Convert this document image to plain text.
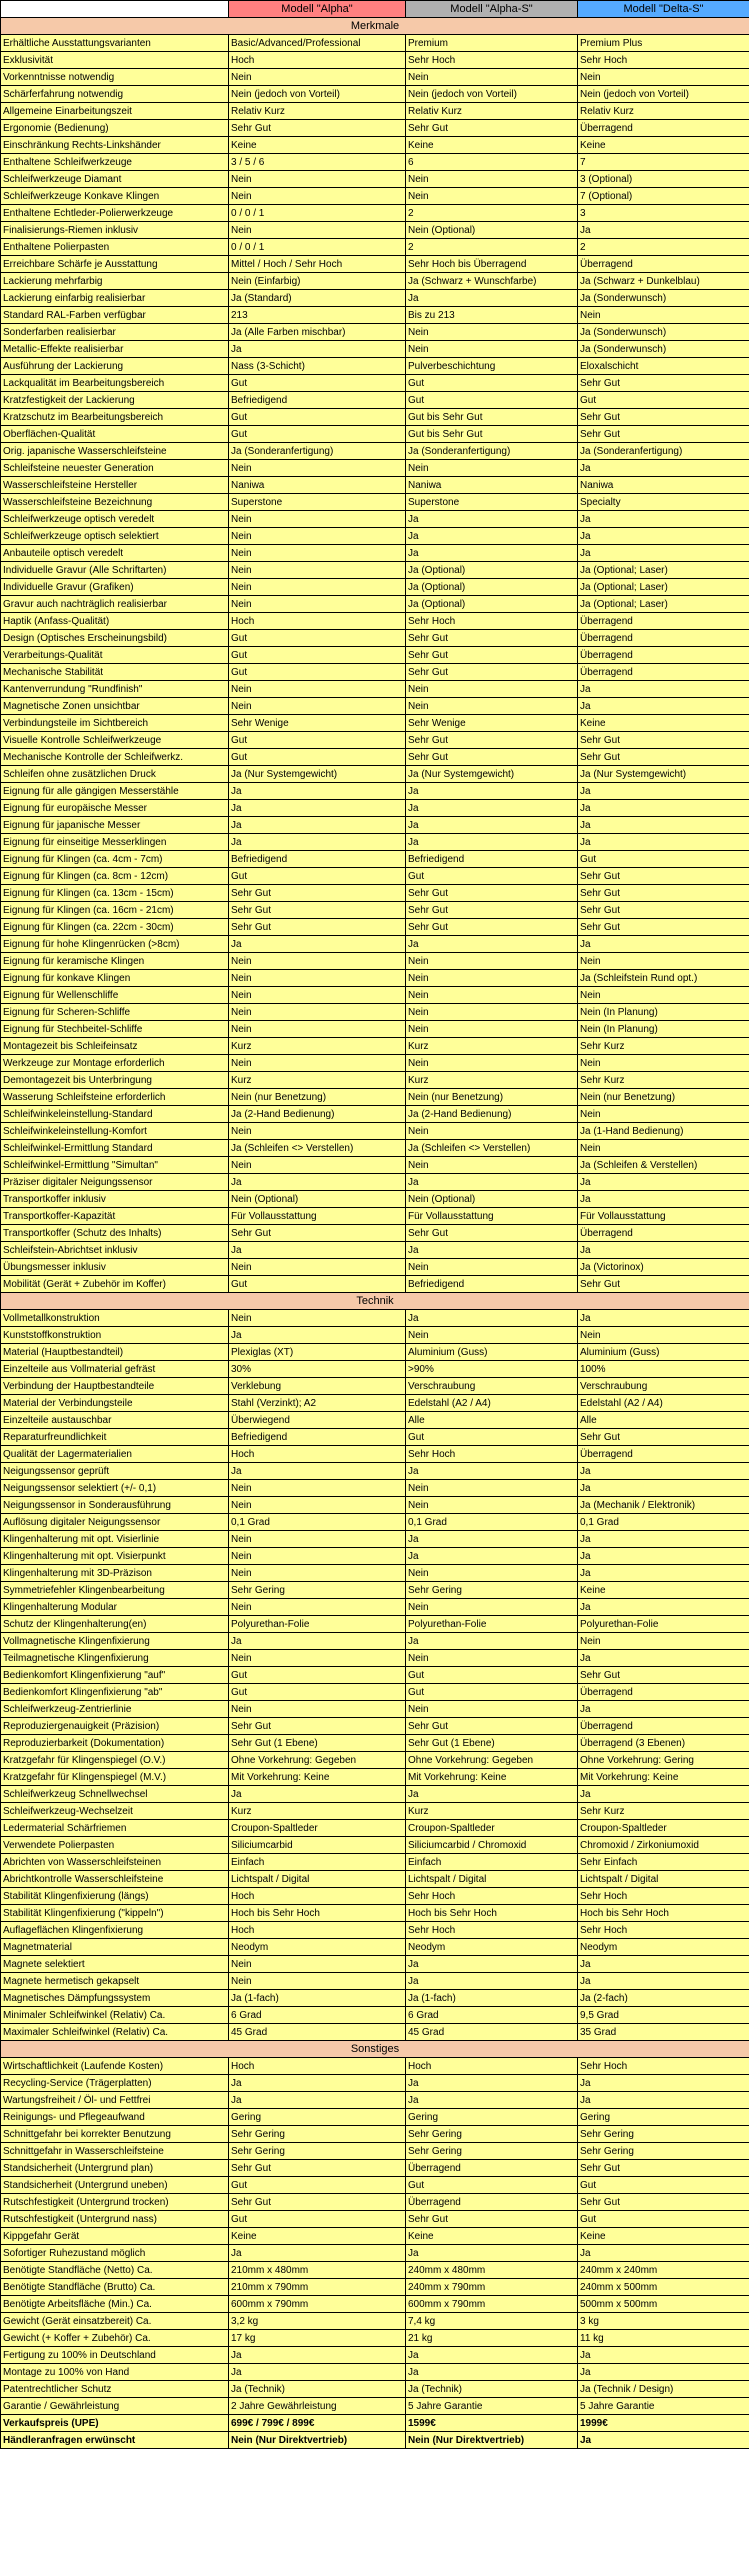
	Modell "Alpha"	Modell "Alpha-S"	Modell "Delta-S"
Merkmale			
Erhältliche Ausstattungsvarianten	Basic/Advanced/Professional	Premium	Premium Plus
Exklusivität	Hoch	Sehr Hoch	Sehr Hoch
Vorkenntnisse notwendig	Nein	Nein	Nein
Schärferfahrung notwendig	Nein (jedoch von Vorteil)	Nein (jedoch von Vorteil)	Nein (jedoch von Vorteil)
Allgemeine Einarbeitungszeit	Relativ Kurz	Relativ Kurz	Relativ Kurz
Ergonomie (Bedienung)	Sehr Gut	Sehr Gut	Überragend
Einschränkung Rechts-Linkshänder	Keine	Keine	Keine
Enthaltene Schleifwerkzeuge	3 / 5 / 6	6	7
Schleifwerkzeuge Diamant	Nein	Nein	3 (Optional)
Schleifwerkzeuge Konkave Klingen	Nein	Nein	7 (Optional)
Enthaltene Echtleder-Polierwerkzeuge	0 / 0 / 1	2	3
Finalisierungs-Riemen inklusiv	Nein	Nein (Optional)	Ja
Enthaltene Polierpasten	0 / 0 / 1	2	2
Erreichbare Schärfe je Ausstattung	Mittel / Hoch / Sehr Hoch	Sehr Hoch bis Überragend	Überragend
Lackierung mehrfarbig	Nein (Einfarbig)	Ja (Schwarz + Wunschfarbe)	Ja (Schwarz + Dunkelblau)
Lackierung einfarbig realisierbar	Ja (Standard)	Ja	Ja (Sonderwunsch)
Standard RAL-Farben verfügbar	213	Bis zu 213	Nein
Sonderfarben realisierbar	Ja (Alle Farben mischbar)	Nein	Ja (Sonderwunsch)
Metallic-Effekte realisierbar	Ja	Nein	Ja (Sonderwunsch)
Ausführung der Lackierung	Nass (3-Schicht)	Pulverbeschichtung	Eloxalschicht
Lackqualität im Bearbeitungsbereich	Gut	Gut	Sehr Gut
Kratzfestigkeit der Lackierung	Befriedigend	Gut	Gut
Kratzschutz im Bearbeitungsbereich	Gut	Gut bis Sehr Gut	Sehr Gut
Oberflächen-Qualität	Gut	Gut bis Sehr Gut	Sehr Gut
Orig. japanische Wasserschleifsteine	Ja (Sonderanfertigung)	Ja (Sonderanfertigung)	Ja (Sonderanfertigung)
Schleifsteine neuester Generation	Nein	Nein	Ja
Wasserschleifsteine Hersteller	Naniwa	Naniwa	Naniwa
Wasserschleifsteine Bezeichnung	Superstone	Superstone	Specialty
Schleifwerkzeuge optisch veredelt	Nein	Ja	Ja
Schleifwerkzeuge optisch selektiert	Nein	Ja	Ja
Anbauteile optisch veredelt	Nein	Ja	Ja
Individuelle Gravur (Alle Schriftarten)	Nein	Ja (Optional)	Ja (Optional; Laser)
Individuelle Gravur (Grafiken)	Nein	Ja (Optional)	Ja (Optional; Laser)
Gravur auch nachträglich realisierbar	Nein	Ja (Optional)	Ja (Optional; Laser)
Haptik (Anfass-Qualität)	Hoch	Sehr Hoch	Überragend
Design (Optisches Erscheinungsbild)	Gut	Sehr Gut	Überragend
Verarbeitungs-Qualität	Gut	Sehr Gut	Überragend
Mechanische Stabilität	Gut	Sehr Gut	Überragend
Kantenverrundung "Rundfinish"	Nein	Nein	Ja
Magnetische Zonen unsichtbar	Nein	Nein	Ja
Verbindungsteile im Sichtbereich	Sehr Wenige	Sehr Wenige	Keine
Visuelle Kontrolle Schleifwerkzeuge	Gut	Sehr Gut	Sehr Gut
Mechanische Kontrolle der Schleifwerkz.	Gut	Sehr Gut	Sehr Gut
Schleifen ohne zusätzlichen Druck	Ja (Nur Systemgewicht)	Ja (Nur Systemgewicht)	Ja (Nur Systemgewicht)
Eignung für alle gängigen Messerstähle	Ja	Ja	Ja
Eignung für europäische Messer	Ja	Ja	Ja
Eignung für japanische Messer	Ja	Ja	Ja
Eignung für einseitige Messerklingen	Ja	Ja	Ja
Eignung für Klingen (ca. 4cm - 7cm)	Befriedigend	Befriedigend	Gut
Eignung für Klingen (ca. 8cm - 12cm)	Gut	Gut	Sehr Gut
Eignung für Klingen (ca. 13cm - 15cm)	Sehr Gut	Sehr Gut	Sehr Gut
Eignung für Klingen (ca. 16cm - 21cm)	Sehr Gut	Sehr Gut	Sehr Gut
Eignung für Klingen (ca. 22cm - 30cm)	Sehr Gut	Sehr Gut	Sehr Gut
Eignung für hohe Klingenrücken (>8cm)	Ja	Ja	Ja
Eignung für keramische Klingen	Nein	Nein	Nein
Eignung für konkave Klingen	Nein	Nein	Ja (Schleifstein Rund opt.)
Eignung für Wellenschliffe	Nein	Nein	Nein
Eignung für Scheren-Schliffe	Nein	Nein	Nein (In Planung)
Eignung für Stechbeitel-Schliffe	Nein	Nein	Nein (In Planung)
Montagezeit bis Schleifeinsatz	Kurz	Kurz	Sehr Kurz
Werkzeuge zur Montage erforderlich	Nein	Nein	Nein
Demontagezeit bis Unterbringung	Kurz	Kurz	Sehr Kurz
Wasserung Schleifsteine erforderlich	Nein (nur Benetzung)	Nein (nur Benetzung)	Nein (nur Benetzung)
Schleifwinkeleinstellung-Standard	Ja (2-Hand Bedienung)	Ja (2-Hand Bedienung)	Nein
Schleifwinkeleinstellung-Komfort	Nein	Nein	Ja (1-Hand Bedienung)
Schleifwinkel-Ermittlung Standard	Ja (Schleifen <> Verstellen)	Ja (Schleifen <> Verstellen)	Nein
Schleifwinkel-Ermittlung "Simultan"	Nein	Nein	Ja (Schleifen & Verstellen)
Präziser digitaler Neigungssensor	Ja	Ja	Ja
Transportkoffer inklusiv	Nein (Optional)	Nein (Optional)	Ja
Transportkoffer-Kapazität	Für Vollausstattung	Für Vollausstattung	Für Vollausstattung
Transportkoffer (Schutz des Inhalts)	Sehr Gut	Sehr Gut	Überragend
Schleifstein-Abrichtset inklusiv	Ja	Ja	Ja
Übungsmesser inklusiv	Nein	Nein	Ja (Victorinox)
Mobilität (Gerät + Zubehör im Koffer)	Gut	Befriedigend	Sehr Gut
Technik			
Vollmetallkonstruktion	Nein	Ja	Ja
Kunststoffkonstruktion	Ja	Nein	Nein
Material (Hauptbestandteil)	Plexiglas (XT)	Aluminium (Guss)	Aluminium (Guss)
Einzelteile aus Vollmaterial gefräst	30%	>90%	100%
Verbindung der Hauptbestandteile	Verklebung	Verschraubung	Verschraubung
Material der Verbindungsteile	Stahl (Verzinkt); A2	Edelstahl (A2 / A4)	Edelstahl (A2 / A4)
Einzelteile austauschbar	Überwiegend	Alle	Alle
Reparaturfreundlichkeit	Befriedigend	Gut	Sehr Gut
Qualität der Lagermaterialien	Hoch	Sehr Hoch	Überragend
Neigungssensor geprüft	Ja	Ja	Ja
Neigungssensor selektiert (+/- 0,1)	Nein	Nein	Ja
Neigungssensor in Sonderausführung	Nein	Nein	Ja (Mechanik / Elektronik)
Auflösung digitaler Neigungssensor	0,1 Grad	0,1 Grad	0,1 Grad
Klingenhalterung mit opt. Visierlinie	Nein	Ja	Ja
Klingenhalterung mit opt. Visierpunkt	Nein	Ja	Ja
Klingenhalterung mit 3D-Präzison	Nein	Nein	Ja
Symmetriefehler Klingenbearbeitung	Sehr Gering	Sehr Gering	Keine
Klingenhalterung Modular	Nein	Nein	Ja
Schutz der Klingenhalterung(en)	Polyurethan-Folie	Polyurethan-Folie	Polyurethan-Folie
Vollmagnetische Klingenfixierung	Ja	Ja	Nein
Teilmagnetische Klingenfixierung	Nein	Nein	Ja
Bedienkomfort Klingenfixierung "auf"	Gut	Gut	Sehr Gut
Bedienkomfort Klingenfixierung "ab"	Gut	Gut	Überragend
Schleifwerkzeug-Zentrierlinie	Nein	Nein	Ja
Reproduziergenauigkeit (Präzision)	Sehr Gut	Sehr Gut	Überragend
Reproduzierbarkeit (Dokumentation)	Sehr Gut (1 Ebene)	Sehr Gut (1 Ebene)	Überragend (3 Ebenen)
Kratzgefahr für Klingenspiegel (O.V.)	Ohne Vorkehrung: Gegeben	Ohne Vorkehrung: Gegeben	Ohne Vorkehrung: Gering
Kratzgefahr für Klingenspiegel (M.V.)	Mit Vorkehrung: Keine	Mit Vorkehrung: Keine	Mit Vorkehrung: Keine
Schleifwerkzeug Schnellwechsel	Ja	Ja	Ja
Schleifwerkzeug-Wechselzeit	Kurz	Kurz	Sehr Kurz
Ledermaterial Schärfriemen	Croupon-Spaltleder	Croupon-Spaltleder	Croupon-Spaltleder
Verwendete Polierpasten	Siliciumcarbid	Siliciumcarbid / Chromoxid	Chromoxid / Zirkoniumoxid
Abrichten von Wasserschleifsteinen	Einfach	Einfach	Sehr Einfach
Abrichtkontrolle Wasserschleifsteine	Lichtspalt / Digital	Lichtspalt / Digital	Lichtspalt / Digital
Stabilität Klingenfixierung (längs)	Hoch	Sehr Hoch	Sehr Hoch
Stabilität Klingenfixierung ("kippeln")	Hoch bis Sehr Hoch	Hoch bis Sehr Hoch	Hoch bis Sehr Hoch
Auflageflächen Klingenfixierung	Hoch	Sehr Hoch	Sehr Hoch
Magnetmaterial	Neodym	Neodym	Neodym
Magnete selektiert	Nein	Ja	Ja
Magnete hermetisch gekapselt	Nein	Ja	Ja
Magnetisches Dämpfungssystem	Ja (1-fach)	Ja (1-fach)	Ja (2-fach)
Minimaler Schleifwinkel (Relativ) Ca.	6 Grad	6 Grad	9,5 Grad
Maximaler Schleifwinkel (Relativ) Ca.	45 Grad	45 Grad	35 Grad
Sonstiges			
Wirtschaftlichkeit (Laufende Kosten)	Hoch	Hoch	Sehr Hoch
Recycling-Service (Trägerplatten)	Ja	Ja	Ja
Wartungsfreiheit / Öl- und Fettfrei	Ja	Ja	Ja
Reinigungs- und Pflegeaufwand	Gering	Gering	Gering
Schnittgefahr bei korrekter Benutzung	Sehr Gering	Sehr Gering	Sehr Gering
Schnittgefahr in Wasserschleifsteine	Sehr Gering	Sehr Gering	Sehr Gering
Standsicherheit (Untergrund plan)	Sehr Gut	Überragend	Sehr Gut
Standsicherheit (Untergrund uneben)	Gut	Gut	Gut
Rutschfestigkeit (Untergrund trocken)	Sehr Gut	Überragend	Sehr Gut
Rutschfestigkeit (Untergrund nass)	Gut	Sehr Gut	Gut
Kippgefahr Gerät	Keine	Keine	Keine
Sofortiger Ruhezustand möglich	Ja	Ja	Ja
Benötigte Standfläche (Netto) Ca.	210mm x 480mm	240mm x 480mm	240mm x 240mm
Benötigte Standfläche (Brutto) Ca.	210mm x 790mm	240mm x 790mm	240mm x 500mm
Benötigte Arbeitsfläche (Min.) Ca.	600mm x 790mm	600mm x 790mm	500mm x 500mm
Gewicht (Gerät einsatzbereit) Ca.	3,2 kg	7,4 kg	3 kg
Gewicht (+ Koffer + Zubehör) Ca.	17 kg	21 kg	11 kg
Fertigung zu 100% in Deutschland	Ja	Ja	Ja
Montage zu 100% von Hand	Ja	Ja	Ja
Patentrechtlicher Schutz	Ja (Technik)	Ja (Technik)	Ja (Technik / Design)
Garantie / Gewährleistung	2 Jahre Gewährleistung	5 Jahre Garantie	5 Jahre Garantie
Verkaufspreis (UPE)	699€ / 799€ / 899€	1599€	1999€
Händleranfragen erwünscht	Nein (Nur Direktvertrieb)	Nein (Nur Direktvertrieb)	Ja
